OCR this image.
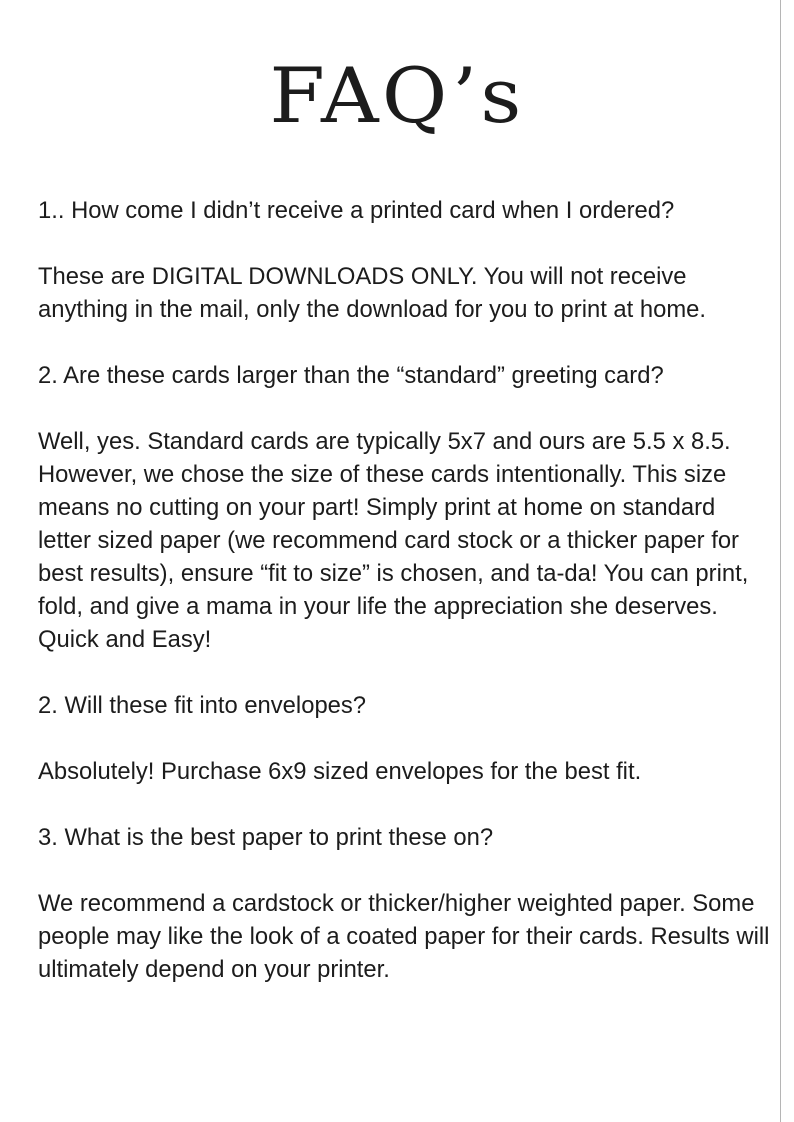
FAQ’s

1.. How come I didn’t receive a printed card when I ordered?

These are DIGITAL DOWNLOADS ONLY. You will not receive anything in the mail, only the download for you to print at home.

2. Are these cards larger than the “standard” greeting card?

Well, yes. Standard cards are typically 5x7 and ours are 5.5 x 8.5. However, we chose the size of these cards intentionally. This size means no cutting on your part! Simply print at home on standard letter sized paper (we recommend card stock or a thicker paper for best results), ensure “fit to size” is chosen, and ta-da! You can print, fold, and give a mama in your life the appreciation she deserves. Quick and Easy!

2. Will these fit into envelopes?

Absolutely! Purchase 6x9 sized envelopes for the best fit.

3. What is the best paper to print these on?

We recommend a cardstock or thicker/higher weighted paper. Some people may like the look of a coated paper for their cards. Results will ultimately depend on your printer.
